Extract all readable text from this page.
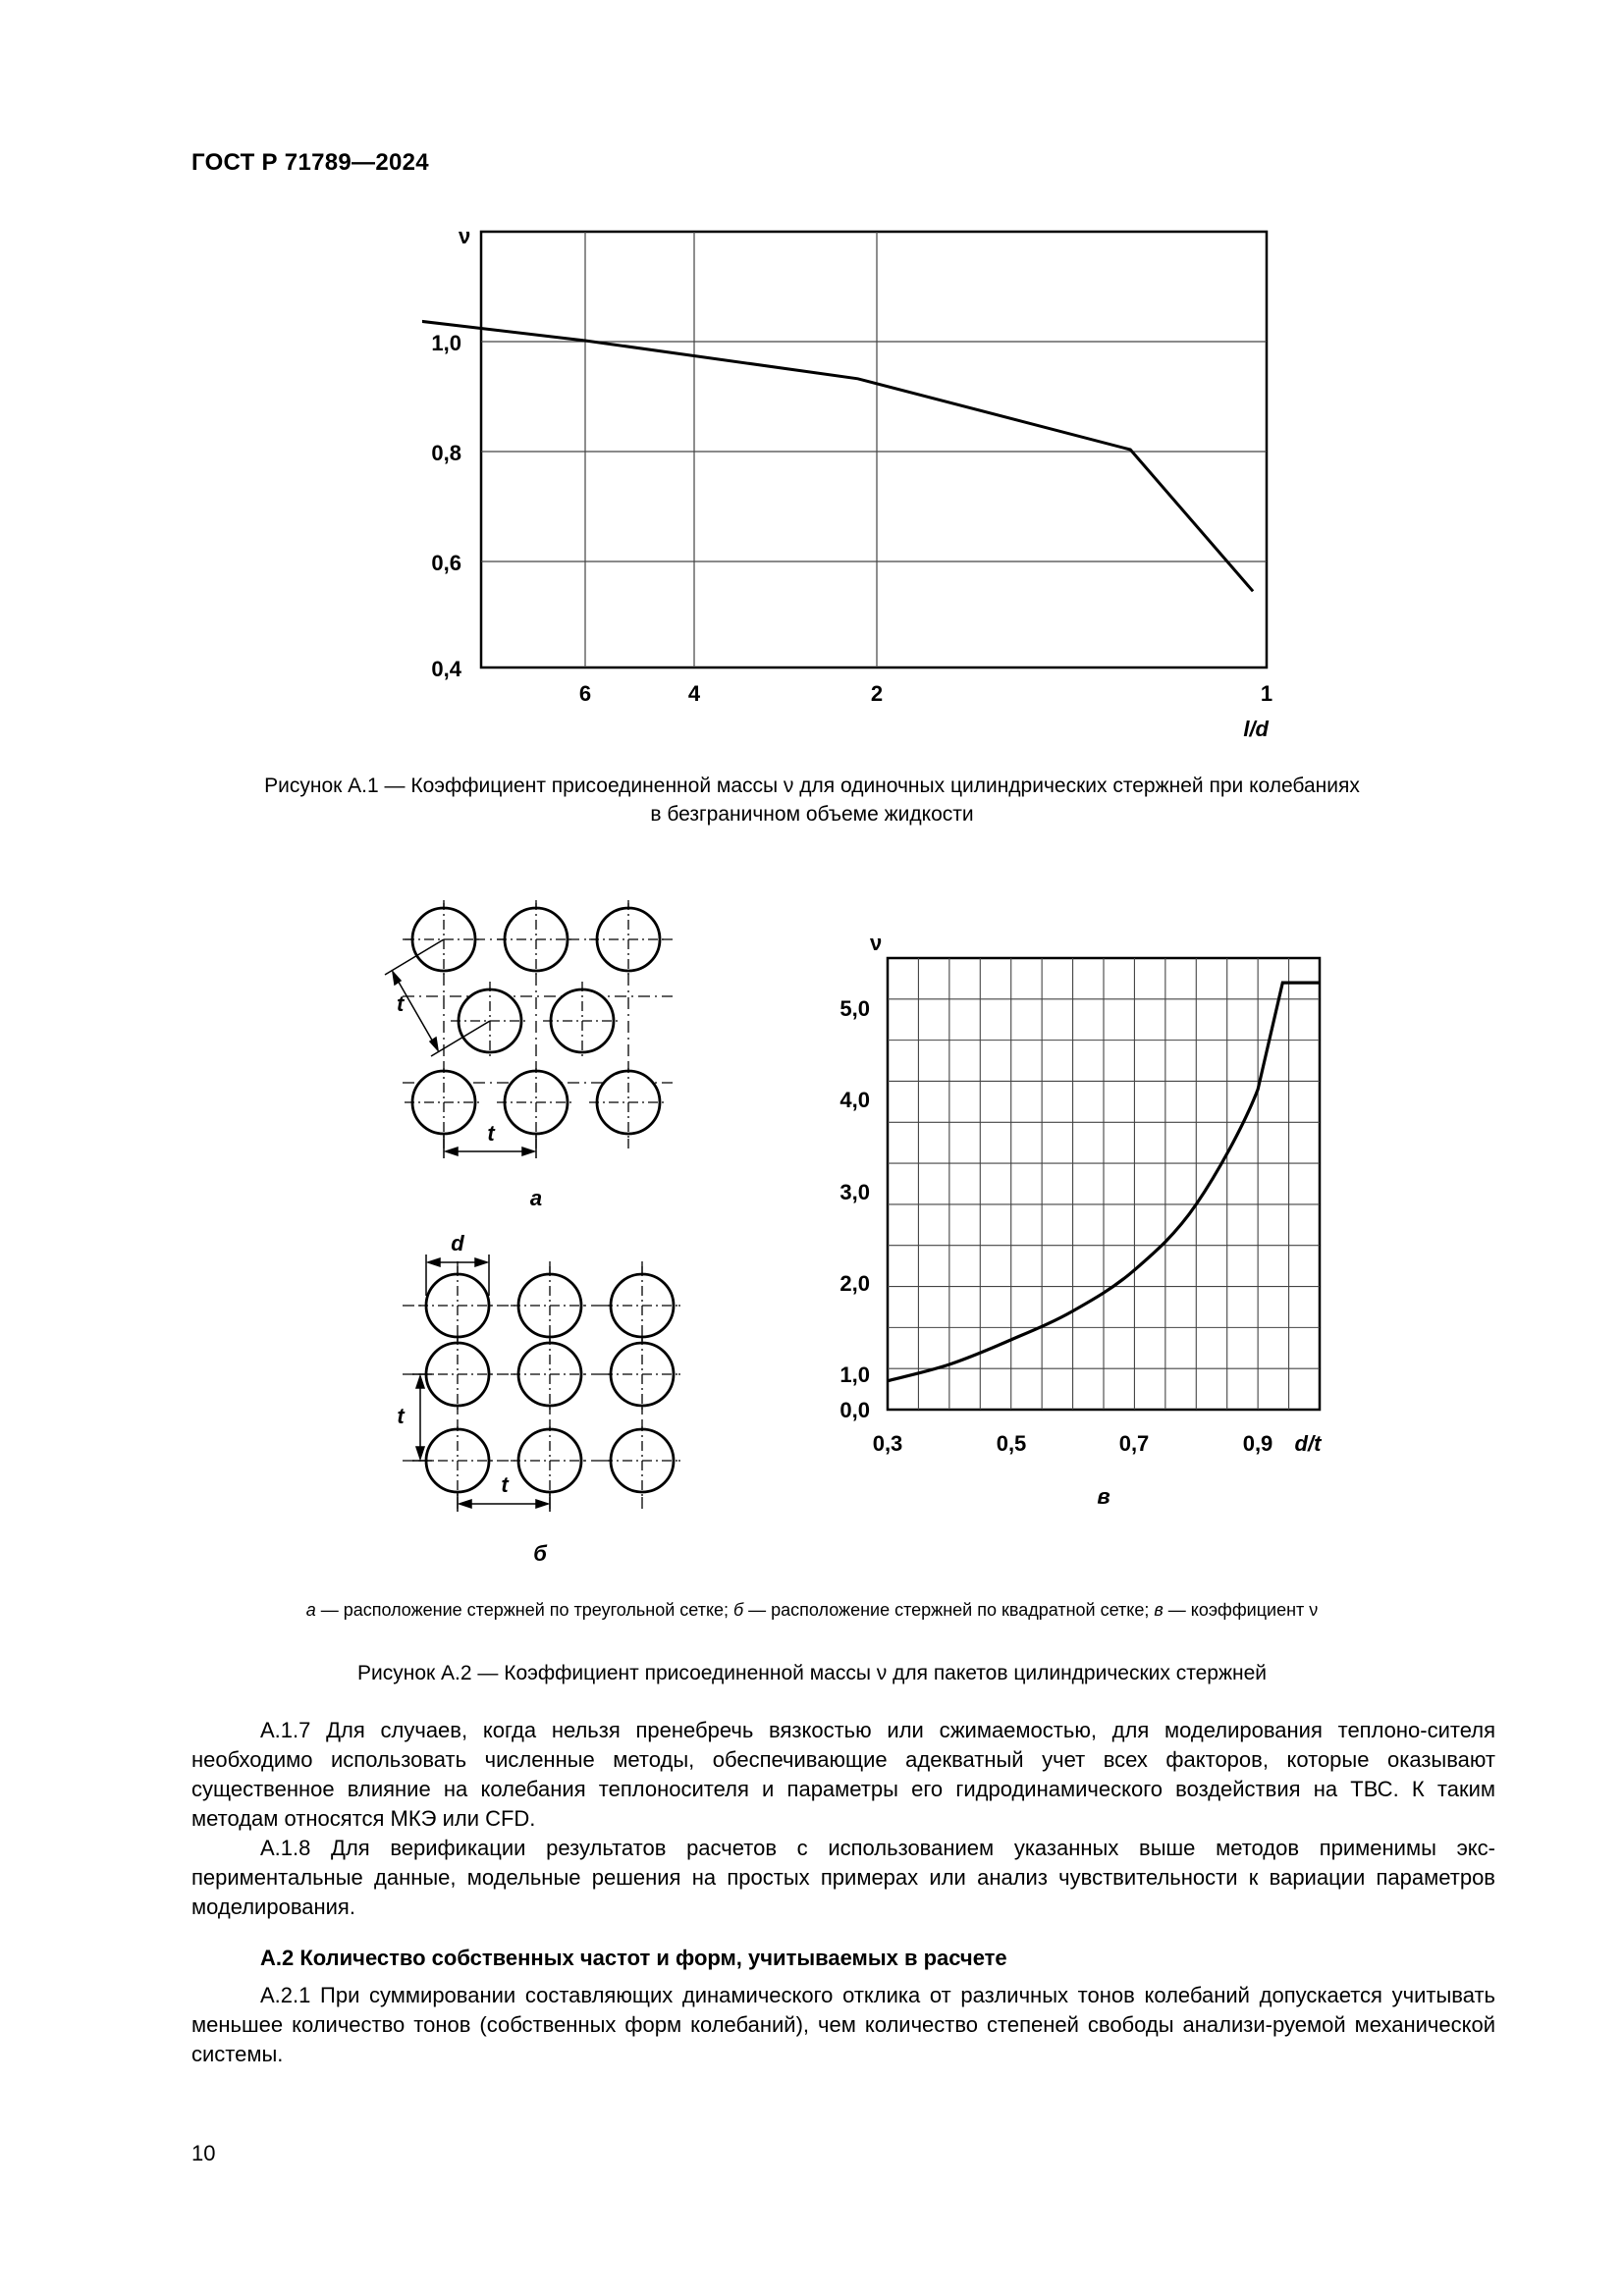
ГОСТ Р 71789—2024
ν
1,0
0,8
0,6
0,4
6	4	2	1
l/d
Рисунок А.1 — Коэффициент присоединенной массы ν для одиночных цилиндрических стержней при колебаниях
в безграничном объеме жидкости
t
t
а
d
t
t
б
ν
5,0
4,0
3,0
2,0
1,0
0,0
0,3	0,5	0,7	0,9 d/t
в
а — расположение стержней по треугольной сетке; б — расположение стержней по квадратной сетке; в — коэффициент ν
Рисунок А.2 — Коэффициент присоединенной массы ν для пакетов цилиндрических стержней
А.1.7 Для случаев, когда нельзя пренебречь вязкостью или сжимаемостью, для моделирования теплоно-сителя необходимо использовать численные методы, обеспечивающие адекватный учет всех факторов, которые оказывают существенное влияние на колебания теплоносителя и параметры его гидродинамического воздействия на ТВС. К таким методам относятся МКЭ или CFD.
А.1.8 Для верификации результатов расчетов с использованием указанных выше методов применимы экс-периментальные данные, модельные решения на простых примерах или анализ чувствительности к вариации параметров моделирования.
А.2 Количество собственных частот и форм, учитываемых в расчете
А.2.1 При суммировании составляющих динамического отклика от различных тонов колебаний допускается учитывать меньшее количество тонов (собственных форм колебаний), чем количество степеней свободы анализи-руемой механической системы.
10
